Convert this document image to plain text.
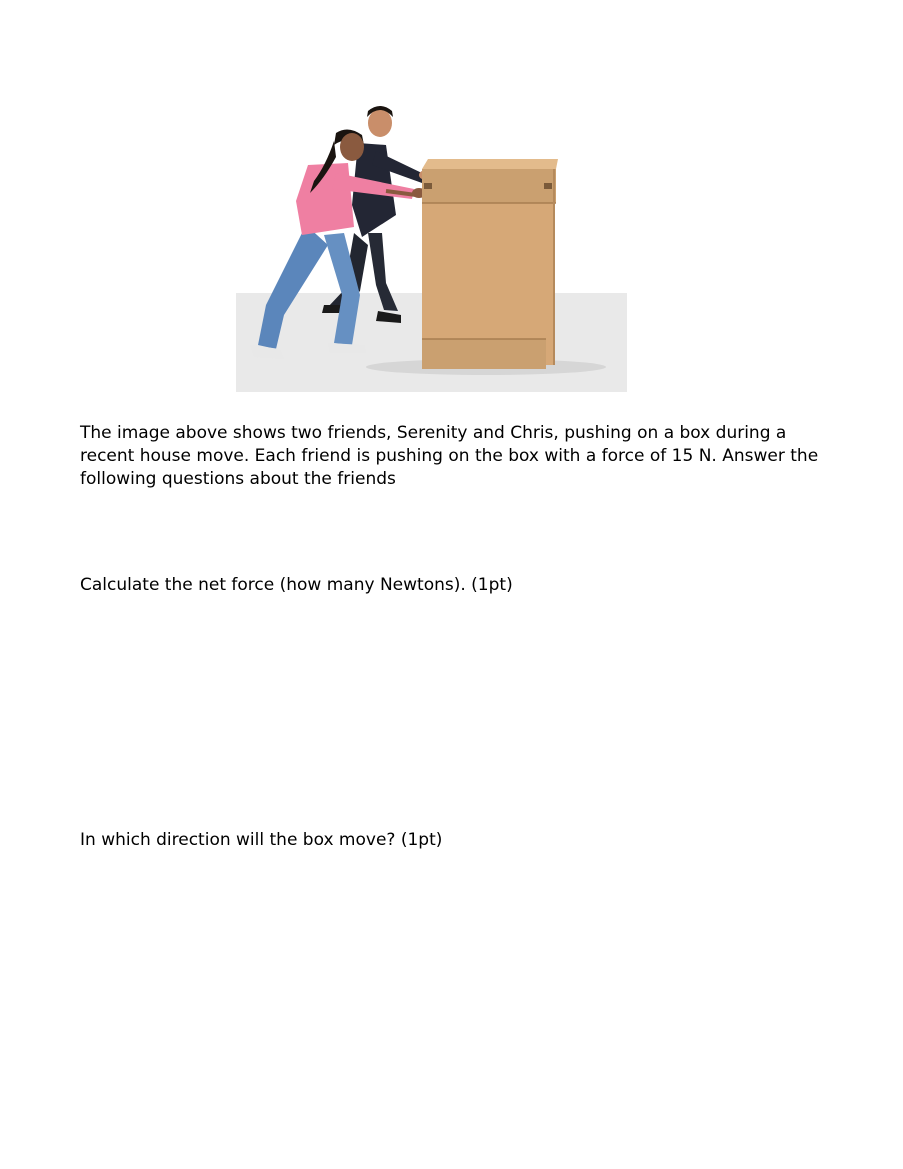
The image above shows two friends, Serenity and Chris, pushing on a box during a recent house move. Each friend is pushing on the box with a force of 15 N. Answer the following questions about the friends

Calculate the net force (how many Newtons). (1pt)

In which direction will the box move? (1pt)
